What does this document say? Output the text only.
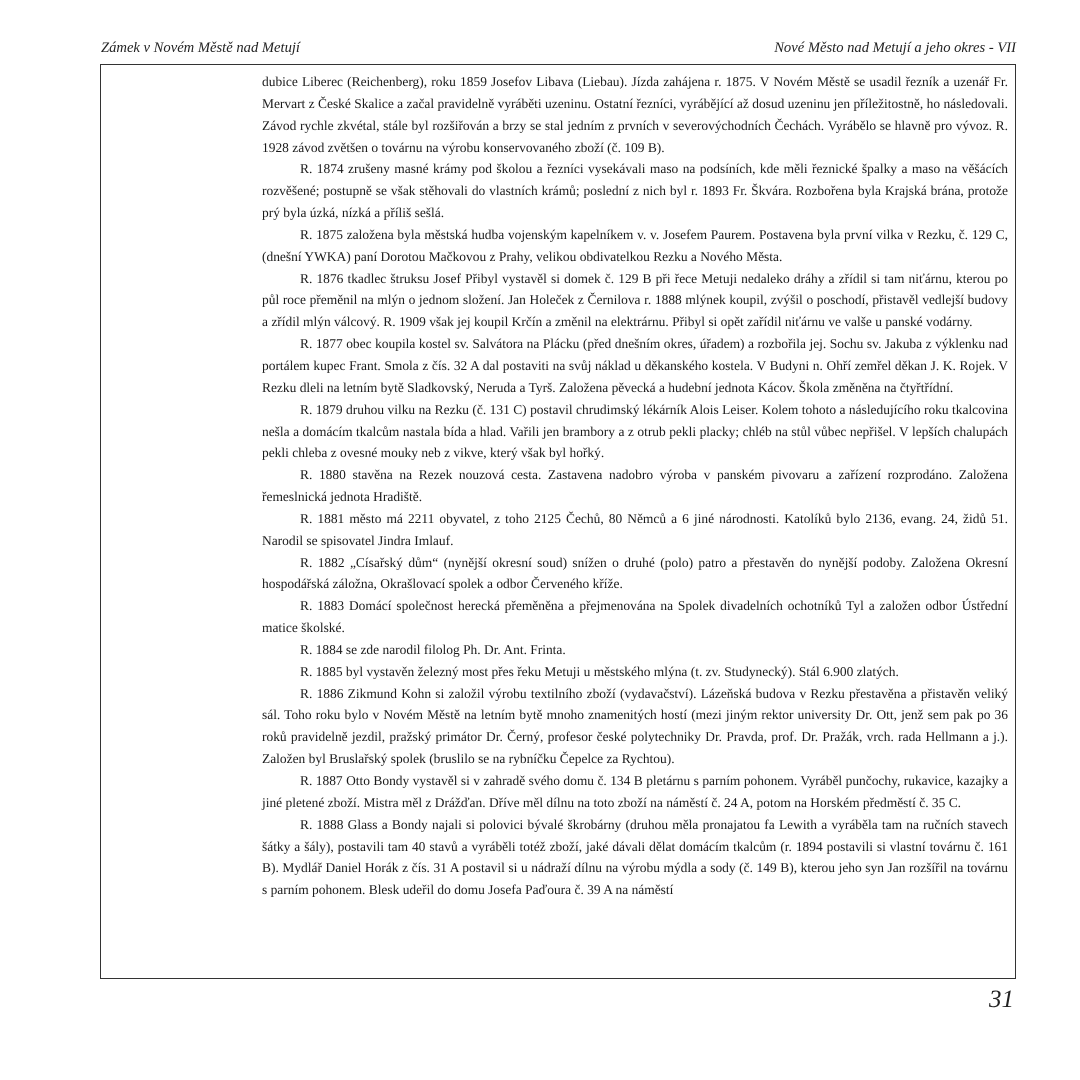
Zámek v Novém Městě nad Metují	Nové Město nad Metují a jeho okres - VII

dubice Liberec (Reichenberg), roku 1859 Josefov Libava (Liebau). Jízda zahájena r. 1875. V Novém Městě se usadil řezník a uzenář Fr. Mervart z České Skalice a začal pravidelně vyráběti uzeninu. Ostatní řezníci, vyrábějící až dosud uzeninu jen příležitostně, ho následovali. Závod rychle zkvétal, stále byl rozšiřován a brzy se stal jedním z prvních v severovýchodních Čechách. Vyrábělo se hlavně pro vývoz. R. 1928 závod zvětšen o továrnu na výrobu konservovaného zboží (č. 109 B).

R. 1874 zrušeny masné krámy pod školou a řezníci vysekávali maso na podsíních, kde měli řeznické špalky a maso na věšácích rozvěšené; postupně se však stěhovali do vlastních krámů; poslední z nich byl r. 1893 Fr. Škvára. Rozbořena byla Krajská brána, protože prý byla úzká, nízká a příliš sešlá.

R. 1875 založena byla městská hudba vojenským kapelníkem v. v. Josefem Paurem. Postavena byla první vilka v Rezku, č. 129 C, (dnešní YWKA) paní Dorotou Mačkovou z Prahy, velikou obdivatelkou Rezku a Nového Města.

R. 1876 tkadlec štruksu Josef Přibyl vystavěl si domek č. 129 B při řece Metuji nedaleko dráhy a zřídil si tam niťárnu, kterou po půl roce přeměnil na mlýn o jednom složení. Jan Holeček z Černilova r. 1888 mlýnek koupil, zvýšil o poschodí, přistavěl vedlejší budovy a zřídil mlýn válcový. R. 1909 však jej koupil Krčín a změnil na elektrárnu. Přibyl si opět zařídil niťárnu ve valše u panské vodárny.

R. 1877 obec koupila kostel sv. Salvátora na Plácku (před dnešním okres, úřadem) a rozbořila jej. Sochu sv. Jakuba z výklenku nad portálem kupec Frant. Smola z čís. 32 A dal postaviti na svůj náklad u děkanského kostela. V Budyni n. Ohří zemřel děkan J. K. Rojek. V Rezku dleli na letním bytě Sladkovský, Neruda a Tyrš. Založena pěvecká a hudební jednota Kácov. Škola změněna na čtyřtřídní.

R. 1879 druhou vilku na Rezku (č. 131 C) postavil chrudimský lékárník Alois Leiser. Kolem tohoto a následujícího roku tkalcovina nešla a domácím tkalcům nastala bída a hlad. Vařili jen brambory a z otrub pekli placky; chléb na stůl vůbec nepřišel. V lepších chalupách pekli chleba z ovesné mouky neb z vikve, který však byl hořký.

R. 1880 stavěna na Rezek nouzová cesta. Zastavena nadobro výroba v panském pivovaru a zařízení rozprodáno. Založena řemeslnická jednota Hradiště.

R. 1881 město má 2211 obyvatel, z toho 2125 Čechů, 80 Němců a 6 jiné národnosti. Katolíků bylo 2136, evang. 24, židů 51. Narodil se spisovatel Jindra Imlauf.

R. 1882 „Císařský dům“ (nynější okresní soud) snížen o druhé (polo) patro a přestavěn do nynější podoby. Založena Okresní hospodářská záložna, Okrašlovací spolek a odbor Červeného kříže.

R. 1883 Domácí společnost herecká přeměněna a přejmenována na Spolek divadelních ochotníků Tyl a založen odbor Ústřední matice školské.

R. 1884 se zde narodil filolog Ph. Dr. Ant. Frinta.

R. 1885 byl vystavěn železný most přes řeku Metuji u městského mlýna (t. zv. Studynecký). Stál 6.900 zlatých.

R. 1886 Zikmund Kohn si založil výrobu textilního zboží (vydavačství). Lázeňská budova v Rezku přestavěna a přistavěn veliký sál. Toho roku bylo v Novém Městě na letním bytě mnoho znamenitých hostí (mezi jiným rektor university Dr. Ott, jenž sem pak po 36 roků pravidelně jezdil, pražský primátor Dr. Černý, profesor české polytechniky Dr. Pravda, prof. Dr. Pražák, vrch. rada Hellmann a j.). Založen byl Bruslařský spolek (bruslilo se na rybníčku Čepelce za Rychtou).

R. 1887 Otto Bondy vystavěl si v zahradě svého domu č. 134 B pletárnu s parním pohonem. Vyráběl punčochy, rukavice, kazajky a jiné pletené zboží. Mistra měl z Drážďan. Dříve měl dílnu na toto zboží na náměstí č. 24 A, potom na Horském předměstí č. 35 C.

R. 1888 Glass a Bondy najali si polovici bývalé škrobárny (druhou měla pronajatou fa Lewith a vyráběla tam na ručních stavech šátky a šály), postavili tam 40 stavů a vyráběli totéž zboží, jaké dávali dělat domácím tkalcům (r. 1894 postavili si vlastní továrnu č. 161 B). Mydlář Daniel Horák z čís. 31 A postavil si u nádraží dílnu na výrobu mýdla a sody (č. 149 B), kterou jeho syn Jan rozšířil na továrnu s parním pohonem. Blesk udeřil do domu Josefa Paďoura č. 39 A na náměstí

31
